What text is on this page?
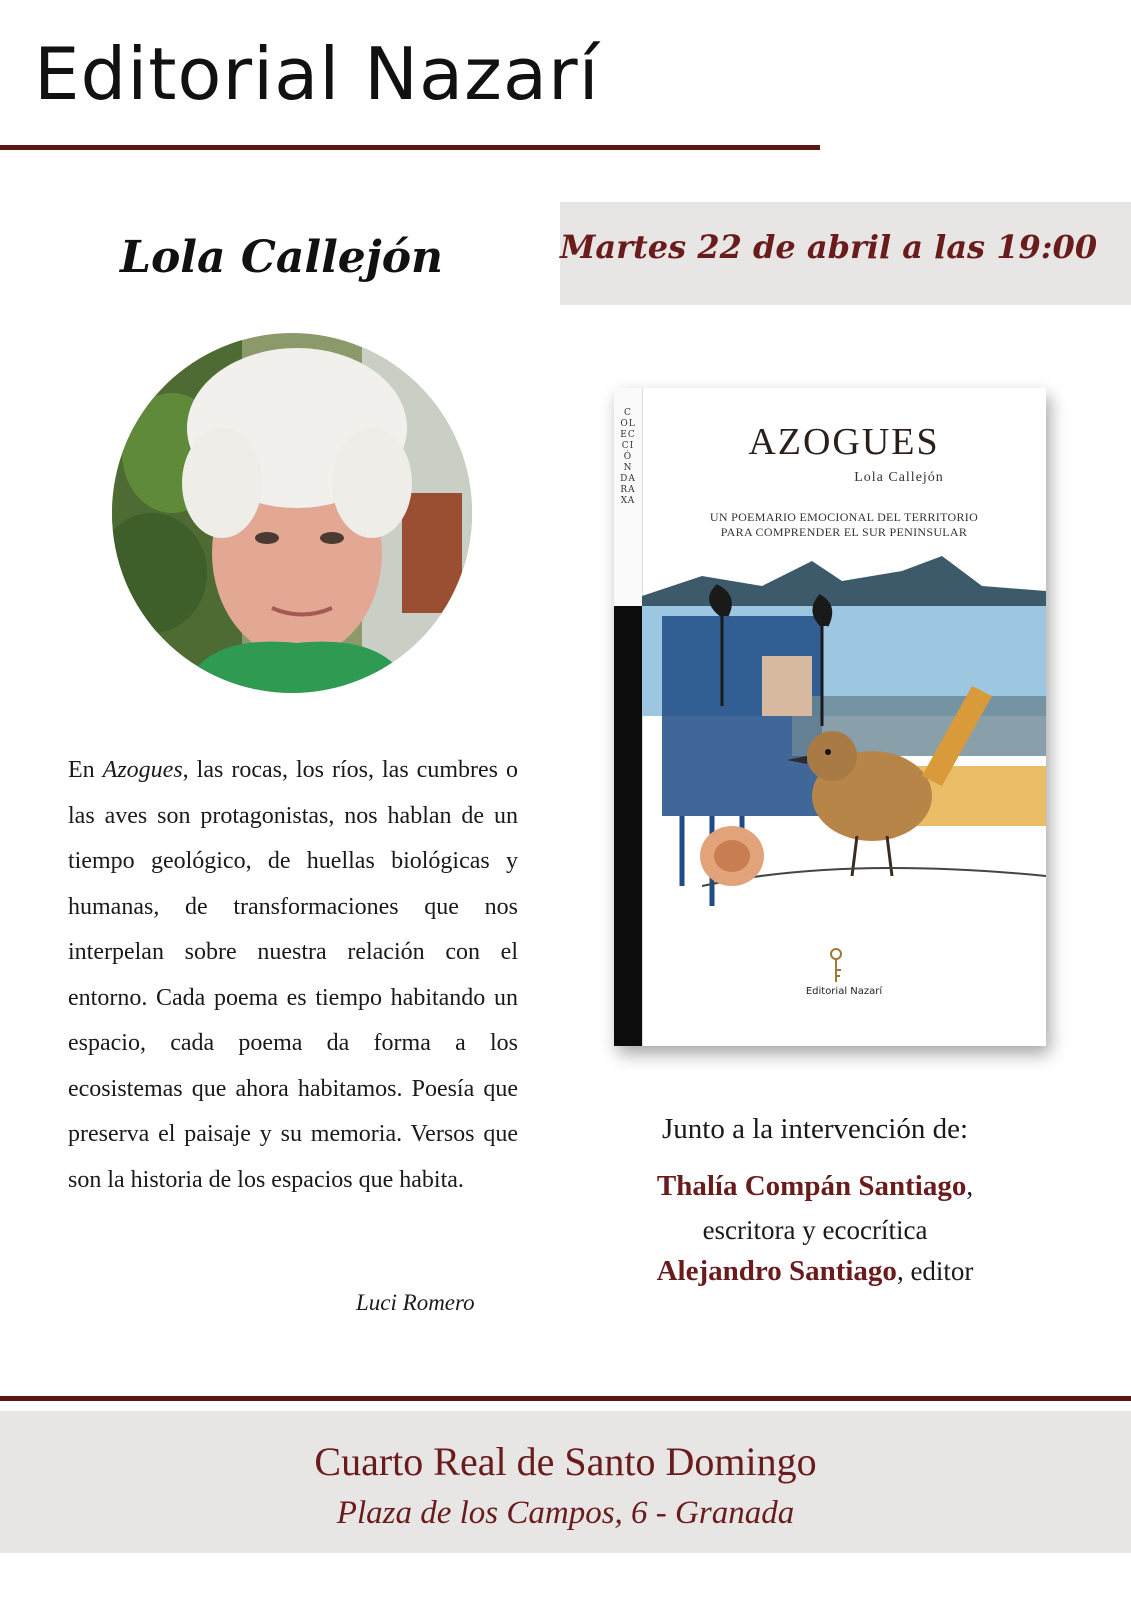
Editorial Nazarí
Lola Callejón	Martes 22 de abril a las 19:00
En Azogues, las rocas, los ríos, las cumbres o las aves son protagonistas, nos hablan de un tiempo geológico, de huellas biológicas y humanas, de transformaciones que nos interpelan sobre nuestra relación con el entorno. Cada poema es tiempo habitando un espacio, cada poema da forma a los ecosistemas que ahora habitamos. Poesía que preserva el paisaje y su memoria. Versos que son la historia de los espacios que habita.
Luci Romero
COLECCIÓN DARAXA
AZOGUES
Lola Callejón
UN POEMARIO EMOCIONAL DEL TERRITORIO
PARA COMPRENDER EL SUR PENINSULAR
Editorial Nazarí
Junto a la intervención de:
Thalía Compán Santiago,
escritora y ecocrítica
Alejandro Santiago, editor
Cuarto Real de Santo Domingo
Plaza de los Campos, 6 - Granada
